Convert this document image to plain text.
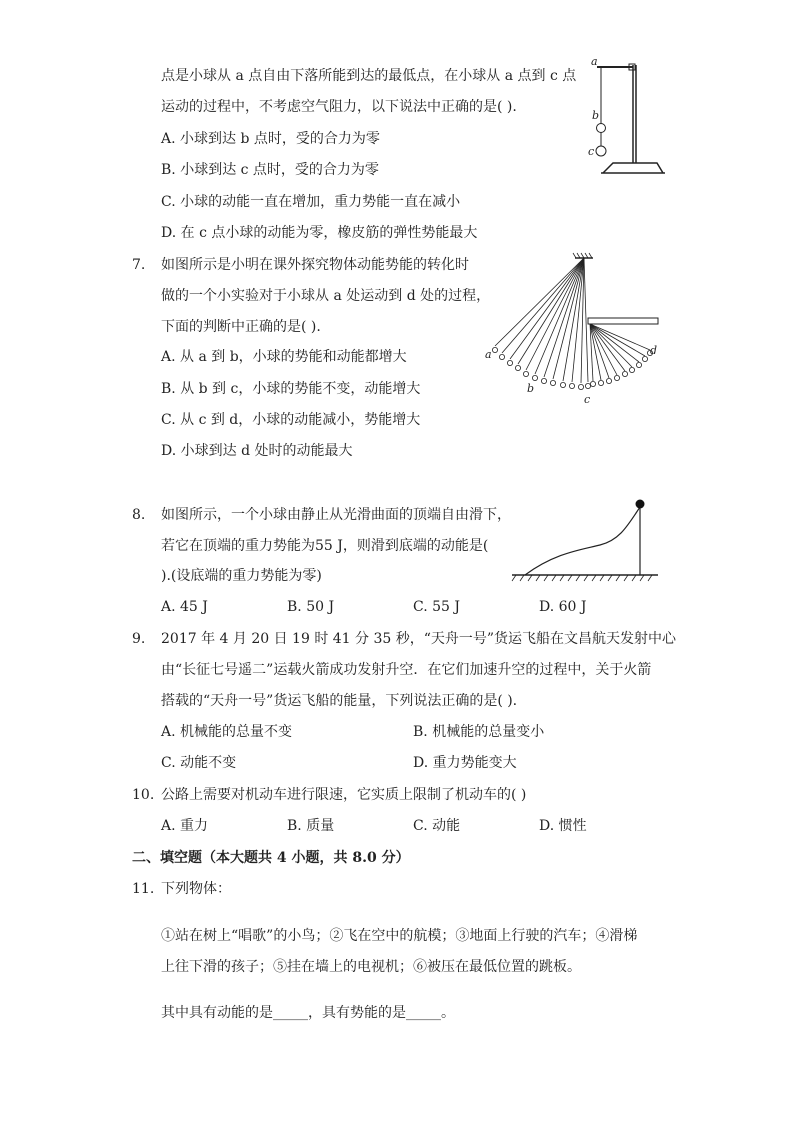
点是小球从 a 点自由下落所能到达的最低点，在小球从 a 点到 c 点
运动的过程中，不考虑空气阻力，以下说法中正确的是( ).
A. 小球到达 b 点时，受的合力为零
B. 小球到达 c 点时，受的合力为零
C. 小球的动能一直在增加，重力势能一直在减小
D. 在 c 点小球的动能为零，橡皮筋的弹性势能最大
a
b
c
7. 如图所示是小明在课外探究物体动能势能的转化时
做的一个小实验对于小球从 a 处运动到 d 处的过程，
下面的判断中正确的是( ).
A. 从 a 到 b，小球的势能和动能都增大
B. 从 b 到 c，小球的势能不变，动能增大
C. 从 c 到 d，小球的动能减小，势能增大
D. 小球到达 d 处时的动能最大
a
b
c
d
8. 如图所示，一个小球由静止从光滑曲面的顶端自由滑下，
若它在顶端的重力势能为55 J，则滑到底端的动能是(
).(设底端的重力势能为零)
A. 45 J	B. 50 J	C. 55 J	D. 60 J
9. 2017 年 4 月 20 日 19 时 41 分 35 秒，“天舟一号”货运飞船在文昌航天发射中心
由“长征七号遥二”运载火箭成功发射升空．在它们加速升空的过程中，关于火箭
搭载的“天舟一号”货运飞船的能量，下列说法正确的是( ).
A. 机械能的总量不变	B. 机械能的总量变小
C. 动能不变	D. 重力势能变大
10. 公路上需要对机动车进行限速，它实质上限制了机动车的( )
A. 重力	B. 质量	C. 动能	D. 惯性
二、填空题（本大题共 4 小题，共 8.0 分）
11. 下列物体：
①站在树上“唱歌”的小鸟；②飞在空中的航模；③地面上行驶的汽车；④滑梯
上往下滑的孩子；⑤挂在墙上的电视机；⑥被压在最低位置的跳板。
其中具有动能的是_____，具有势能的是_____。
